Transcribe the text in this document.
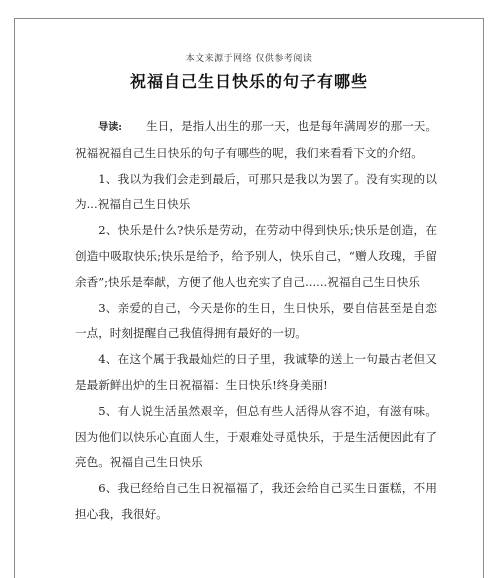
本文来源于网络 仅供参考阅读
祝福自己生日快乐的句子有哪些

导读: 生日，是指人出生的那一天，也是每年满周岁的那一天。祝福祝福自己生日快乐的句子有哪些的呢，我们来看看下文的介绍。

1、我以为我们会走到最后，可那只是我以为罢了。没有实现的以为...祝福自己生日快乐

2、快乐是什么?快乐是劳动，在劳动中得到快乐;快乐是创造，在创造中吸取快乐;快乐是给予，给予别人，快乐自己，“赠人玫瑰，手留余香”;快乐是奉献，方便了他人也充实了自己......祝福自己生日快乐

3、亲爱的自己，今天是你的生日，生日快乐，要自信甚至是自恋一点，时刻提醒自己我值得拥有最好的一切。

4、在这个属于我最灿烂的日子里，我诚挚的送上一句最古老但又是最新鲜出炉的生日祝福福：生日快乐!终身美丽!

5、有人说生活虽然艰辛，但总有些人活得从容不迫，有滋有味。因为他们以快乐心直面人生，于艰难处寻觅快乐，于是生活便因此有了亮色。祝福自己生日快乐

6、我已经给自己生日祝福福了，我还会给自己买生日蛋糕，不用担心我，我很好。
